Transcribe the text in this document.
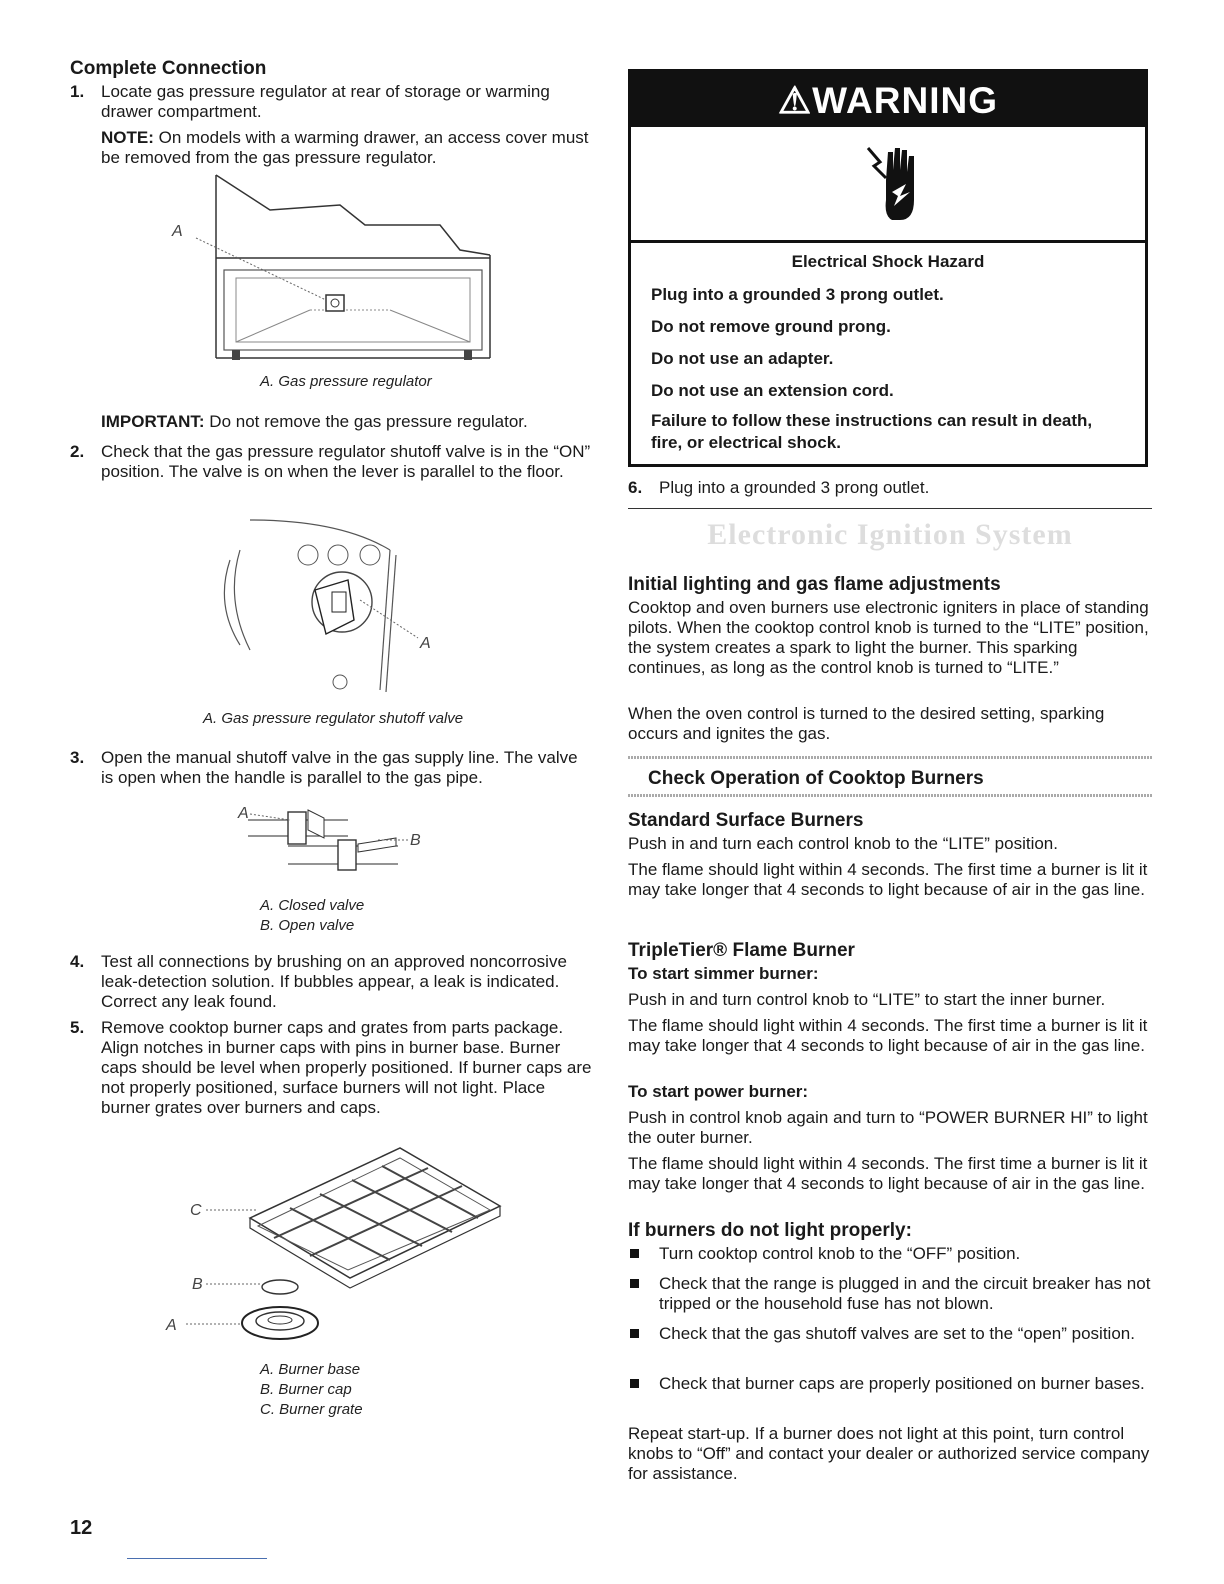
Complete Connection
1. Locate gas pressure regulator at rear of storage or warming drawer compartment.

NOTE: On models with a warming drawer, an access cover must be removed from the gas pressure regulator.

A

A. Gas pressure regulator

IMPORTANT: Do not remove the gas pressure regulator.

2. Check that the gas pressure regulator shutoff valve is in the “ON” position. The valve is on when the lever is parallel to the floor.
A

A. Gas pressure regulator shutoff valve

3. Open the manual shutoff valve in the gas supply line. The valve is open when the handle is parallel to the gas pipe.
A
B

A. Closed valve

B. Open valve

4. Test all connections by brushing on an approved noncorrosive leak-detection solution. If bubbles appear, a leak is indicated. Correct any leak found.
5. Remove cooktop burner caps and grates from parts package. Align notches in burner caps with pins in burner base. Burner caps should be level when properly positioned. If burner caps are not properly positioned, surface burners will not light. Place burner grates over burners and caps.
C
B
A

A. Burner base

B. Burner cap

C. Burner grate

12

⚠WARNING

Electrical Shock Hazard

Plug into a grounded 3 prong outlet.

Do not remove ground prong.

Do not use an adapter.

Do not use an extension cord.

Failure to follow these instructions can result in death, fire, or electrical shock.

6. Plug into a grounded 3 prong outlet.
Electronic Ignition System
Initial lighting and gas flame adjustments

Cooktop and oven burners use electronic igniters in place of standing pilots. When the cooktop control knob is turned to the “LITE” position, the system creates a spark to light the burner. This sparking continues, as long as the control knob is turned to “LITE.”

When the oven control is turned to the desired setting, sparking occurs and ignites the gas.

Check Operation of Cooktop Burners
Standard Surface Burners

Push in and turn each control knob to the “LITE” position.

The flame should light within 4 seconds. The first time a burner is lit it may take longer that 4 seconds to light because of air in the gas line.

TripleTier® Flame Burner
To start simmer burner:

Push in and turn control knob to “LITE” to start the inner burner.

The flame should light within 4 seconds. The first time a burner is lit it may take longer that 4 seconds to light because of air in the gas line.

To start power burner:

Push in control knob again and turn to “POWER BURNER HI” to light the outer burner.

The flame should light within 4 seconds. The first time a burner is lit it may take longer that 4 seconds to light because of air in the gas line.

If burners do not light properly:
Turn cooktop control knob to the “OFF” position.
Check that the range is plugged in and the circuit breaker has not tripped or the household fuse has not blown.
Check that the gas shutoff valves are set to the “open” position.
Check that burner caps are properly positioned on burner bases.

Repeat start-up. If a burner does not light at this point, turn control knobs to “Off” and contact your dealer or authorized service company for assistance.
